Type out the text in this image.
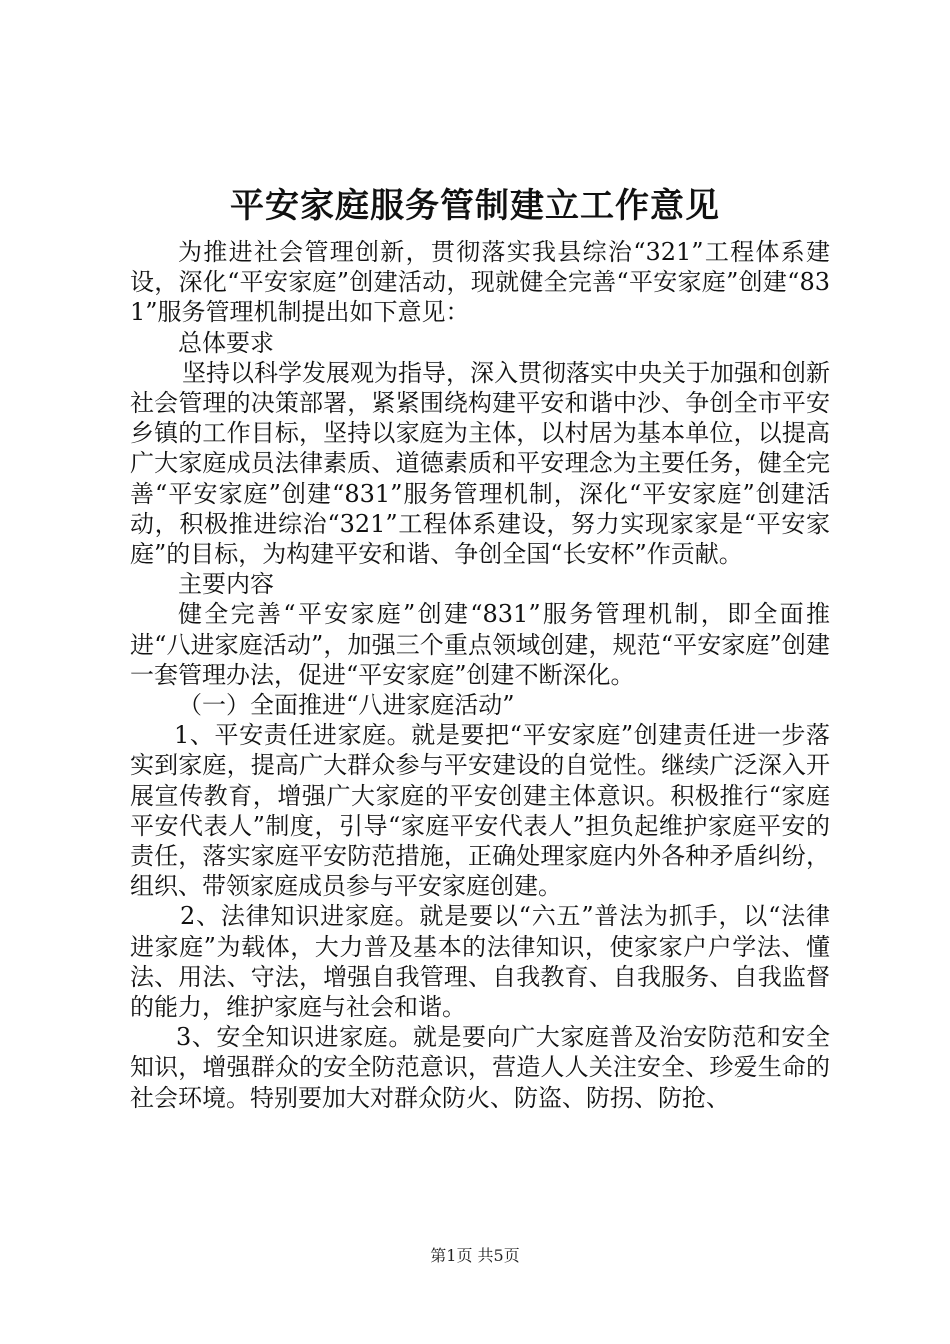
平安家庭服务管制建立工作意见

为推进社会管理创新，贯彻落实我县综治“321”工程体系建设，深化“平安家庭”创建活动，现就健全完善“平安家庭”创建“831”服务管理机制提出如下意见：

总体要求

坚持以科学发展观为指导，深入贯彻落实中央关于加强和创新社会管理的决策部署，紧紧围绕构建平安和谐中沙、争创全市平安乡镇的工作目标，坚持以家庭为主体，以村居为基本单位，以提高广大家庭成员法律素质、道德素质和平安理念为主要任务，健全完善“平安家庭”创建“831”服务管理机制，深化“平安家庭”创建活动，积极推进综治“321”工程体系建设，努力实现家家是“平安家庭”的目标，为构建平安和谐、争创全国“长安杯”作贡献。

主要内容

健全完善“平安家庭”创建“831”服务管理机制，即全面推进“八进家庭活动”，加强三个重点领域创建，规范“平安家庭”创建一套管理办法，促进“平安家庭”创建不断深化。

（一）全面推进“八进家庭活动”

1、平安责任进家庭。就是要把“平安家庭”创建责任进一步落实到家庭，提高广大群众参与平安建设的自觉性。继续广泛深入开展宣传教育，增强广大家庭的平安创建主体意识。积极推行“家庭平安代表人”制度，引导“家庭平安代表人”担负起维护家庭平安的责任，落实家庭平安防范措施，正确处理家庭内外各种矛盾纠纷，组织、带领家庭成员参与平安家庭创建。

2、法律知识进家庭。就是要以“六五”普法为抓手，以“法律进家庭”为载体，大力普及基本的法律知识，使家家户户学法、懂法、用法、守法，增强自我管理、自我教育、自我服务、自我监督的能力，维护家庭与社会和谐。

3、安全知识进家庭。就是要向广大家庭普及治安防范和安全知识，增强群众的安全防范意识，营造人人关注安全、珍爱生命的社会环境。特别要加大对群众防火、防盗、防拐、防抢、

第1页 共5页
